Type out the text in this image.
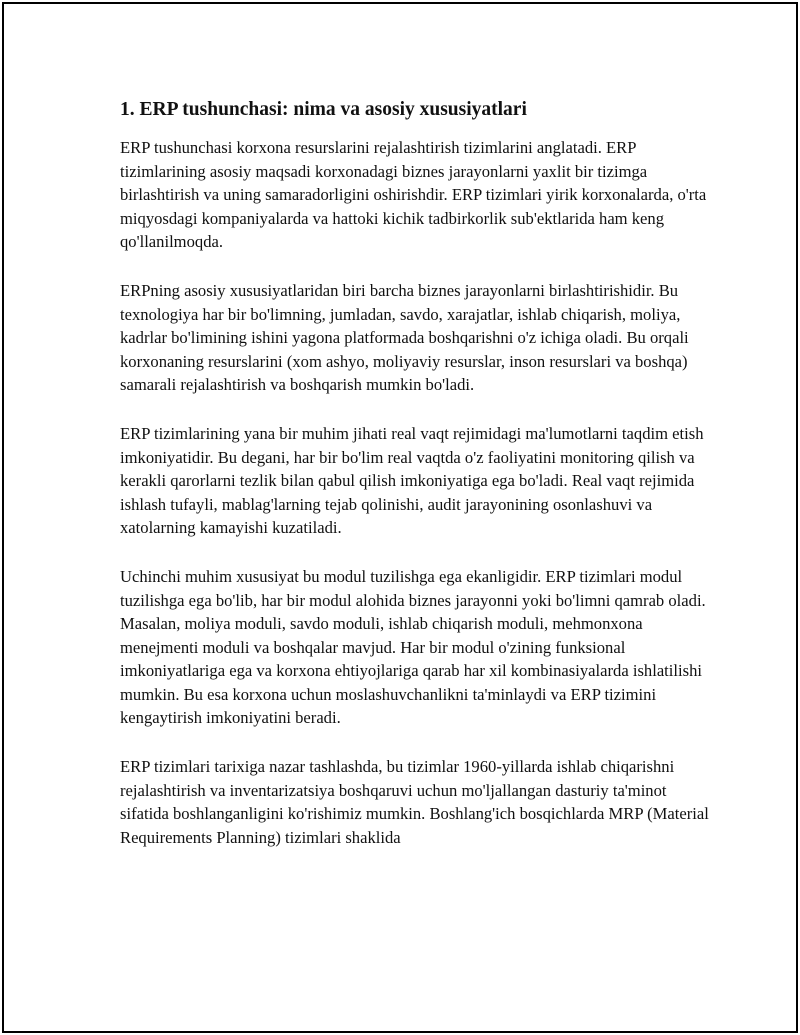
1. ERP tushunchasi: nima va asosiy xususiyatlari

ERP tushunchasi korxona resurslarini rejalashtirish tizimlarini anglatadi. ERP tizimlarining asosiy maqsadi korxonadagi biznes jarayonlarni yaxlit bir tizimga birlashtirish va uning samaradorligini oshirishdir. ERP tizimlari yirik korxonalarda, o'rta miqyosdagi kompaniyalarda va hattoki kichik tadbirkorlik sub'ektlarida ham keng qo'llanilmoqda.

ERPning asosiy xususiyatlaridan biri barcha biznes jarayonlarni birlashtirishidir. Bu texnologiya har bir bo'limning, jumladan, savdo, xarajatlar, ishlab chiqarish, moliya, kadrlar bo'limining ishini yagona platformada boshqarishni o'z ichiga oladi. Bu orqali korxonaning resurslarini (xom ashyo, moliyaviy resurslar, inson resurslari va boshqa) samarali rejalashtirish va boshqarish mumkin bo'ladi.

ERP tizimlarining yana bir muhim jihati real vaqt rejimidagi ma'lumotlarni taqdim etish imkoniyatidir. Bu degani, har bir bo'lim real vaqtda o'z faoliyatini monitoring qilish va kerakli qarorlarni tezlik bilan qabul qilish imkoniyatiga ega bo'ladi. Real vaqt rejimida ishlash tufayli, mablag'larning tejab qolinishi, audit jarayonining osonlashuvi va xatolarning kamayishi kuzatiladi.

Uchinchi muhim xususiyat bu modul tuzilishga ega ekanligidir. ERP tizimlari modul tuzilishga ega bo'lib, har bir modul alohida biznes jarayonni yoki bo'limni qamrab oladi. Masalan, moliya moduli, savdo moduli, ishlab chiqarish moduli, mehmonxona menejmenti moduli va boshqalar mavjud. Har bir modul o'zining funksional imkoniyatlariga ega va korxona ehtiyojlariga qarab har xil kombinasiyalarda ishlatilishi mumkin. Bu esa korxona uchun moslashuvchanlikni ta'minlaydi va ERP tizimini kengaytirish imkoniyatini beradi.

ERP tizimlari tarixiga nazar tashlashda, bu tizimlar 1960-yillarda ishlab chiqarishni rejalashtirish va inventarizatsiya boshqaruvi uchun mo'ljallangan dasturiy ta'minot sifatida boshlanganligini ko'rishimiz mumkin. Boshlang'ich bosqichlarda MRP (Material Requirements Planning) tizimlari shaklida
